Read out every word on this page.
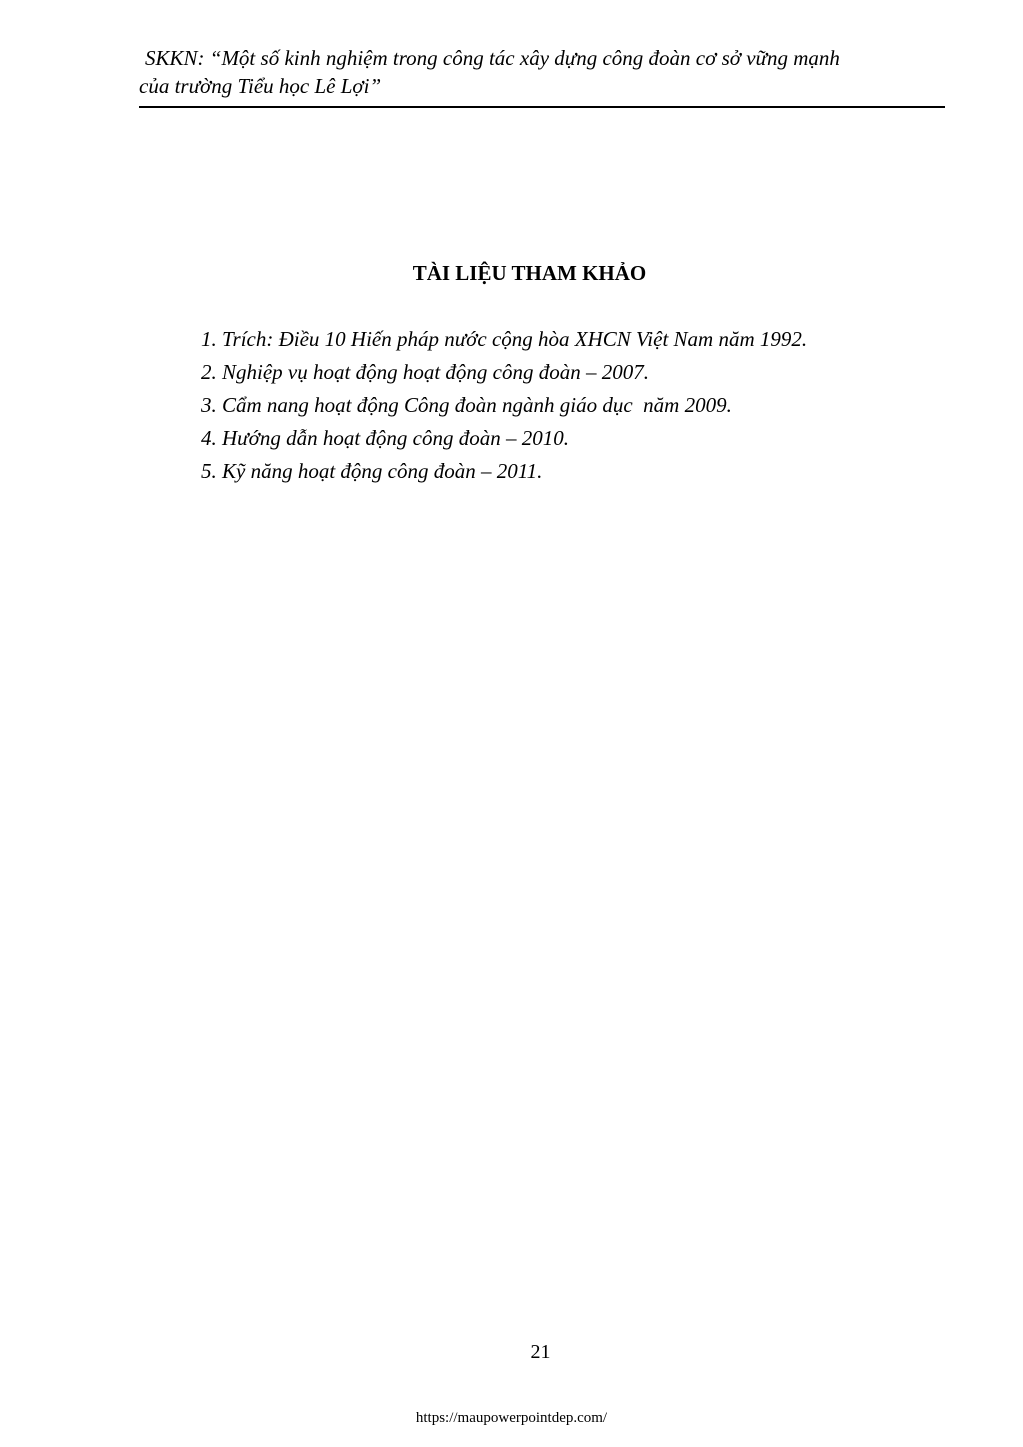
SKKN: “Một số kinh nghiệm trong công tác xây dựng công đoàn cơ sở vững mạnh
của trường Tiểu học Lê Lợi”
TÀI LIỆU THAM KHẢO
1. Trích: Điều 10 Hiến pháp nước cộng hòa XHCN Việt Nam năm 1992.
2. Nghiệp vụ hoạt động hoạt động công đoàn – 2007.
3. Cẩm nang hoạt động Công đoàn ngành giáo dục  năm 2009.
4. Hướng dẫn hoạt động công đoàn – 2010.
5. Kỹ năng hoạt động công đoàn – 2011.
21
https://maupowerpointdep.com/
